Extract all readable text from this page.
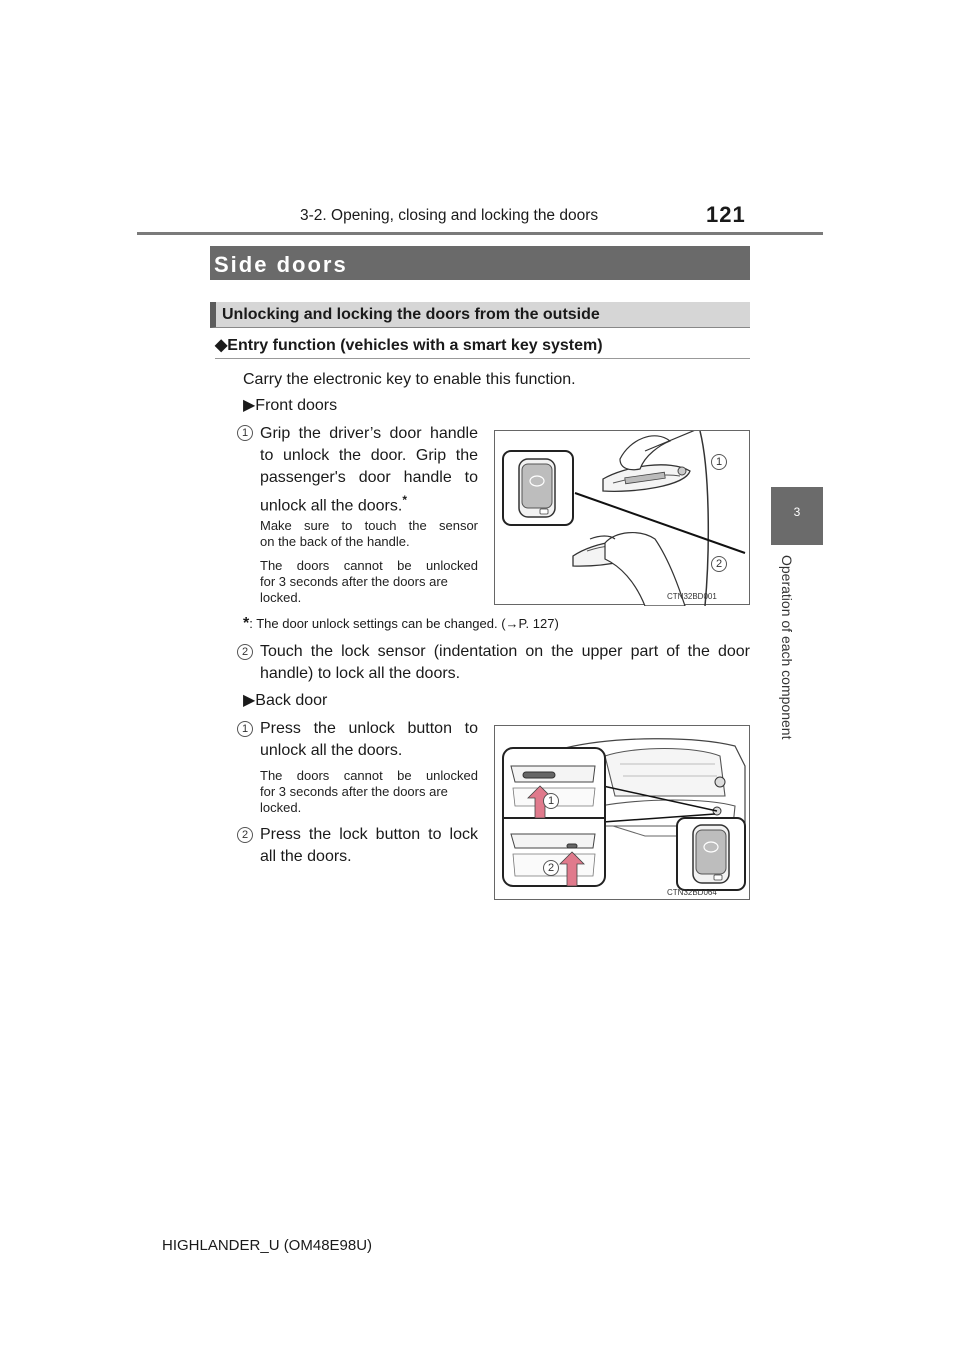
3-2. Opening, closing and locking the doors	121
3
Operation of each component
Side doors
Unlocking and locking the doors from the outside
◆Entry function (vehicles with a smart key system)
Carry the electronic key to enable this function.
▶Front doors
1 Grip the driver’s door handle
to unlock the door. Grip the
passenger's door handle to
unlock all the doors.*
Make sure to touch the sensor
on the back of the handle.
The doors cannot be unlocked
for 3 seconds after the doors are
locked.
1
2
CTN32BD001
*: The door unlock settings can be changed. (→P. 127)
2 Touch the lock sensor (indentation on the upper part of the door
handle) to lock all the doors.
▶Back door
1 Press the unlock button to
unlock all the doors.
The doors cannot be unlocked
for 3 seconds after the doors are
locked.
2 Press the lock button to lock
all the doors.
1
2
CTN32BD064
HIGHLANDER_U (OM48E98U)
